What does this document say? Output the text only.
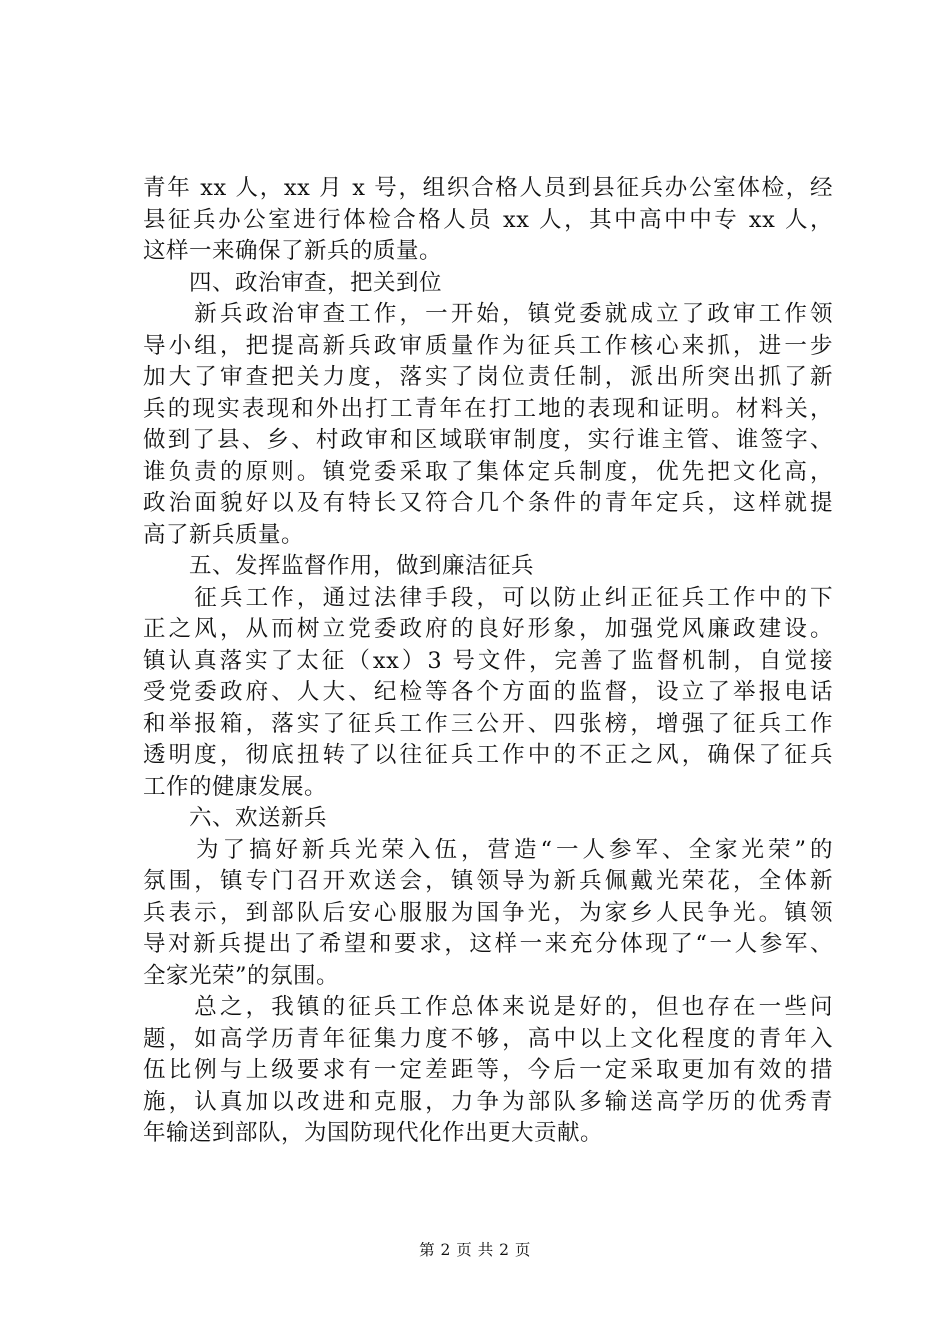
青年 xx 人，xx 月 x 号，组织合格人员到县征兵办公室体检，经
县征兵办公室进行体检合格人员 xx 人，其中高中中专 xx 人，
这样一来确保了新兵的质量。
　　四、政治审查，把关到位
　　新兵政治审查工作，一开始，镇党委就成立了政审工作领
导小组，把提高新兵政审质量作为征兵工作核心来抓，进一步
加大了审查把关力度，落实了岗位责任制，派出所突出抓了新
兵的现实表现和外出打工青年在打工地的表现和证明。材料关，
做到了县、乡、村政审和区域联审制度，实行谁主管、谁签字、
谁负责的原则。镇党委采取了集体定兵制度，优先把文化高，
政治面貌好以及有特长又符合几个条件的青年定兵，这样就提
高了新兵质量。
　　五、发挥监督作用，做到廉洁征兵
　　征兵工作，通过法律手段，可以防止纠正征兵工作中的下
正之风，从而树立党委政府的良好形象，加强党风廉政建设。
镇认真落实了太征（xx）3 号文件，完善了监督机制，自觉接
受党委政府、人大、纪检等各个方面的监督，设立了举报电话
和举报箱，落实了征兵工作三公开、四张榜，增强了征兵工作
透明度，彻底扭转了以往征兵工作中的不正之风，确保了征兵
工作的健康发展。
　　六、欢送新兵
　　为了搞好新兵光荣入伍，营造“一人参军、全家光荣”的
氛围，镇专门召开欢送会，镇领导为新兵佩戴光荣花，全体新
兵表示，到部队后安心服服为国争光，为家乡人民争光。镇领
导对新兵提出了希望和要求，这样一来充分体现了“一人参军、
全家光荣”的氛围。
　　总之，我镇的征兵工作总体来说是好的，但也存在一些问
题，如高学历青年征集力度不够，高中以上文化程度的青年入
伍比例与上级要求有一定差距等，今后一定采取更加有效的措
施，认真加以改进和克服，力争为部队多输送高学历的优秀青
年输送到部队，为国防现代化作出更大贡献。
第 2 页 共 2 页
